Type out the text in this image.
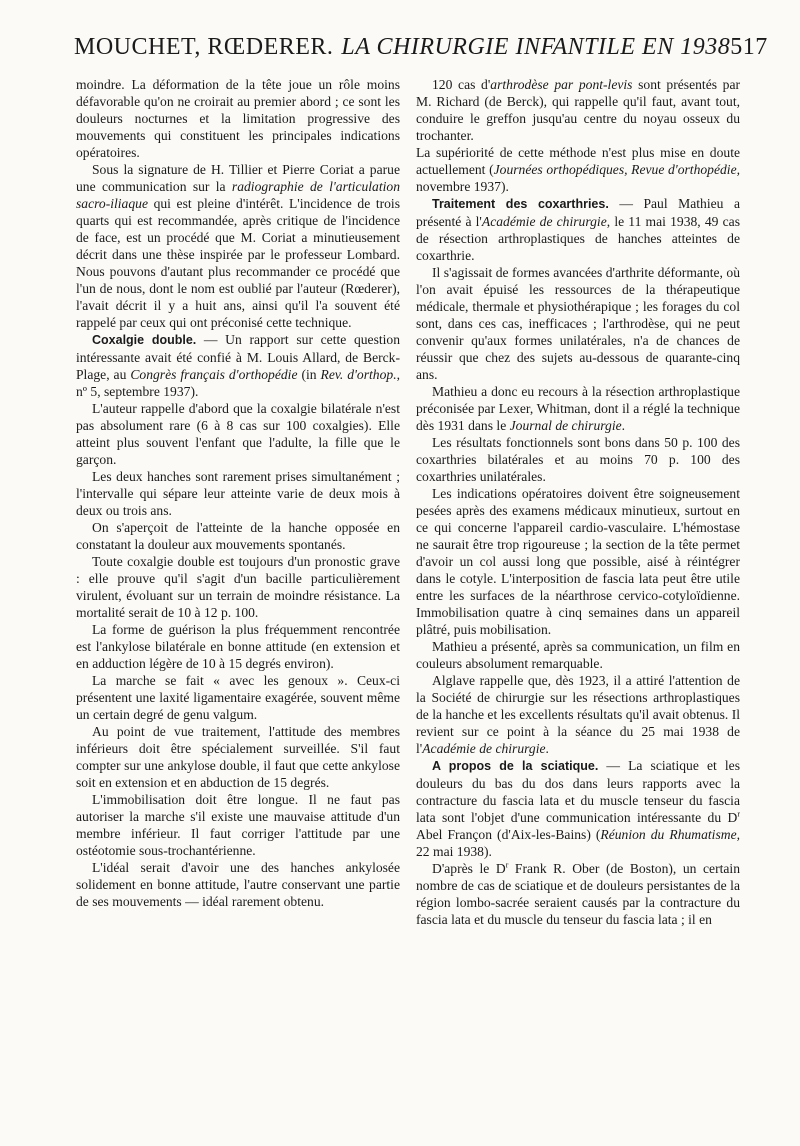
MOUCHET, RŒDERER. LA CHIRURGIE INFANTILE EN 1938 517

moindre. La déformation de la tête joue un rôle moins défavorable qu'on ne croirait au premier abord ; ce sont les douleurs nocturnes et la limitation progressive des mouvements qui constituent les principales indications opératoires.

Sous la signature de H. Tillier et Pierre Coriat a parue une communication sur la radiographie de l'articulation sacro-iliaque qui est pleine d'intérêt. L'incidence de trois quarts qui est recommandée, après critique de l'incidence de face, est un procédé que M. Coriat a minutieusement décrit dans une thèse inspirée par le professeur Lombard. Nous pouvons d'autant plus recommander ce procédé que l'un de nous, dont le nom est oublié par l'auteur (Rœderer), l'avait décrit il y a huit ans, ainsi qu'il l'a souvent été rappelé par ceux qui ont préconisé cette technique.

Coxalgie double. — Un rapport sur cette question intéressante avait été confié à M. Louis Allard, de Berck-Plage, au Congrès français d'orthopédie (in Rev. d'orthop., nº 5, septembre 1937).

L'auteur rappelle d'abord que la coxalgie bilatérale n'est pas absolument rare (6 à 8 cas sur 100 coxalgies). Elle atteint plus souvent l'enfant que l'adulte, la fille que le garçon.

Les deux hanches sont rarement prises simultanément ; l'intervalle qui sépare leur atteinte varie de deux mois à deux ou trois ans.

On s'aperçoit de l'atteinte de la hanche opposée en constatant la douleur aux mouvements spontanés.

Toute coxalgie double est toujours d'un pronostic grave : elle prouve qu'il s'agit d'un bacille particulièrement virulent, évoluant sur un terrain de moindre résistance. La mortalité serait de 10 à 12 p. 100.

La forme de guérison la plus fréquemment rencontrée est l'ankylose bilatérale en bonne attitude (en extension et en adduction légère de 10 à 15 degrés environ).

La marche se fait « avec les genoux ». Ceux-ci présentent une laxité ligamentaire exagérée, souvent même un certain degré de genu valgum.

Au point de vue traitement, l'attitude des membres inférieurs doit être spécialement surveillée. S'il faut compter sur une ankylose double, il faut que cette ankylose soit en extension et en abduction de 15 degrés.

L'immobilisation doit être longue. Il ne faut pas autoriser la marche s'il existe une mauvaise attitude d'un membre inférieur. Il faut corriger l'attitude par une ostéotomie sous-trochantérienne.

L'idéal serait d'avoir une des hanches ankylosée solidement en bonne attitude, l'autre conservant une partie de ses mouvements — idéal rarement obtenu.

120 cas d'arthrodèse par pont-levis sont présentés par M. Richard (de Berck), qui rappelle qu'il faut, avant tout, conduire le greffon jusqu'au centre du noyau osseux du trochanter.

La supériorité de cette méthode n'est plus mise en doute actuellement (Journées orthopédiques, Revue d'orthopédie, novembre 1937).

Traitement des coxarthries. — Paul Mathieu a présenté à l'Académie de chirurgie, le 11 mai 1938, 49 cas de résection arthroplastiques de hanches atteintes de coxarthrie.

Il s'agissait de formes avancées d'arthrite déformante, où l'on avait épuisé les ressources de la thérapeutique médicale, thermale et physiothérapique ; les forages du col sont, dans ces cas, inefficaces ; l'arthrodèse, qui ne peut convenir qu'aux formes unilatérales, n'a de chances de réussir que chez des sujets au-dessous de quarante-cinq ans.

Mathieu a donc eu recours à la résection arthroplastique préconisée par Lexer, Whitman, dont il a réglé la technique dès 1931 dans le Journal de chirurgie.

Les résultats fonctionnels sont bons dans 50 p. 100 des coxarthries bilatérales et au moins 70 p. 100 des coxarthries unilatérales.

Les indications opératoires doivent être soigneusement pesées après des examens médicaux minutieux, surtout en ce qui concerne l'appareil cardio-vasculaire. L'hémostase ne saurait être trop rigoureuse ; la section de la tête permet d'avoir un col aussi long que possible, aisé à réintégrer dans le cotyle. L'interposition de fascia lata peut être utile entre les surfaces de la néarthrose cervico-cotyloïdienne. Immobilisation quatre à cinq semaines dans un appareil plâtré, puis mobilisation.

Mathieu a présenté, après sa communication, un film en couleurs absolument remarquable.

Alglave rappelle que, dès 1923, il a attiré l'attention de la Société de chirurgie sur les résections arthroplastiques de la hanche et les excellents résultats qu'il avait obtenus. Il revient sur ce point à la séance du 25 mai 1938 de l'Académie de chirurgie.

A propos de la sciatique. — La sciatique et les douleurs du bas du dos dans leurs rapports avec la contracture du fascia lata et du muscle tenseur du fascia lata sont l'objet d'une communication intéressante du $D^r$ Abel Françon (d'Aix-les-Bains) (Réunion du Rhumatisme, 22 mai 1938).

D'après le $D^r$ Frank R. Ober (de Boston), un certain nombre de cas de sciatique et de douleurs persistantes de la région lombo-sacrée seraient causés par la contracture du fascia lata et du muscle du tenseur du fascia lata ; il en
